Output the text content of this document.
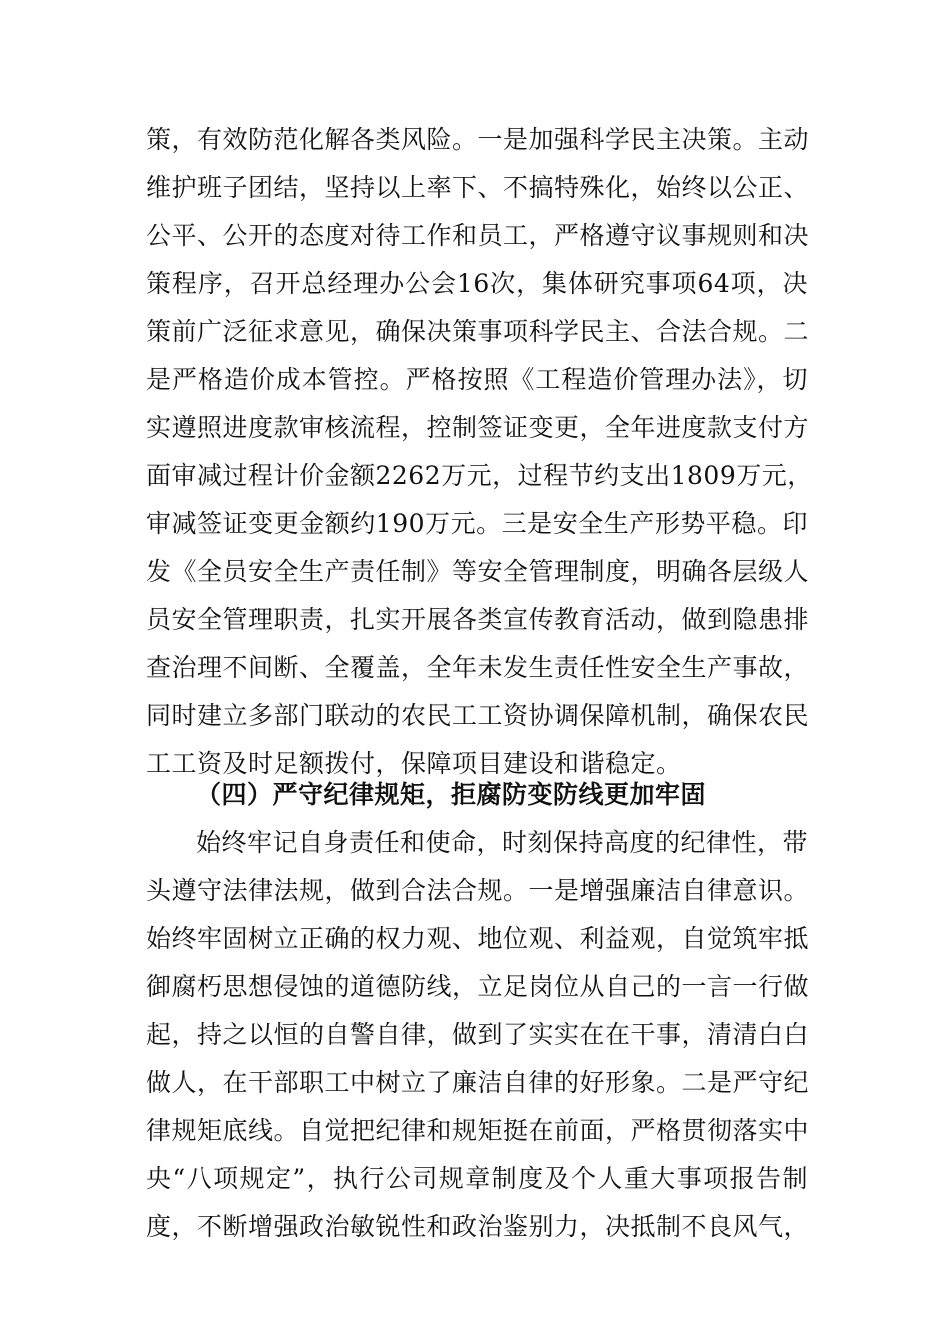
策，有效防范化解各类风险。一是加强科学民主决策。主动
维护班子团结，坚持以上率下、不搞特殊化，始终以公正、
公平、公开的态度对待工作和员工，严格遵守议事规则和决
策程序，召开总经理办公会16次，集体研究事项64项，决
策前广泛征求意见，确保决策事项科学民主、合法合规。二
是严格造价成本管控。严格按照《工程造价管理办法》，切
实遵照进度款审核流程，控制签证变更，全年进度款支付方
面审减过程计价金额2262万元，过程节约支出1809万元，
审减签证变更金额约190万元。三是安全生产形势平稳。印
发《全员安全生产责任制》等安全管理制度，明确各层级人
员安全管理职责，扎实开展各类宣传教育活动，做到隐患排
查治理不间断、全覆盖，全年未发生责任性安全生产事故，
同时建立多部门联动的农民工工资协调保障机制，确保农民
工工资及时足额拨付，保障项目建设和谐稳定。
（四）严守纪律规矩，拒腐防变防线更加牢固
始终牢记自身责任和使命，时刻保持高度的纪律性，带
头遵守法律法规，做到合法合规。一是增强廉洁自律意识。
始终牢固树立正确的权力观、地位观、利益观，自觉筑牢抵
御腐朽思想侵蚀的道德防线，立足岗位从自己的一言一行做
起，持之以恒的自警自律，做到了实实在在干事，清清白白
做人，在干部职工中树立了廉洁自律的好形象。二是严守纪
律规矩底线。自觉把纪律和规矩挺在前面，严格贯彻落实中
央“八项规定”，执行公司规章制度及个人重大事项报告制
度，不断增强政治敏锐性和政治鉴别力，决抵制不良风气，
